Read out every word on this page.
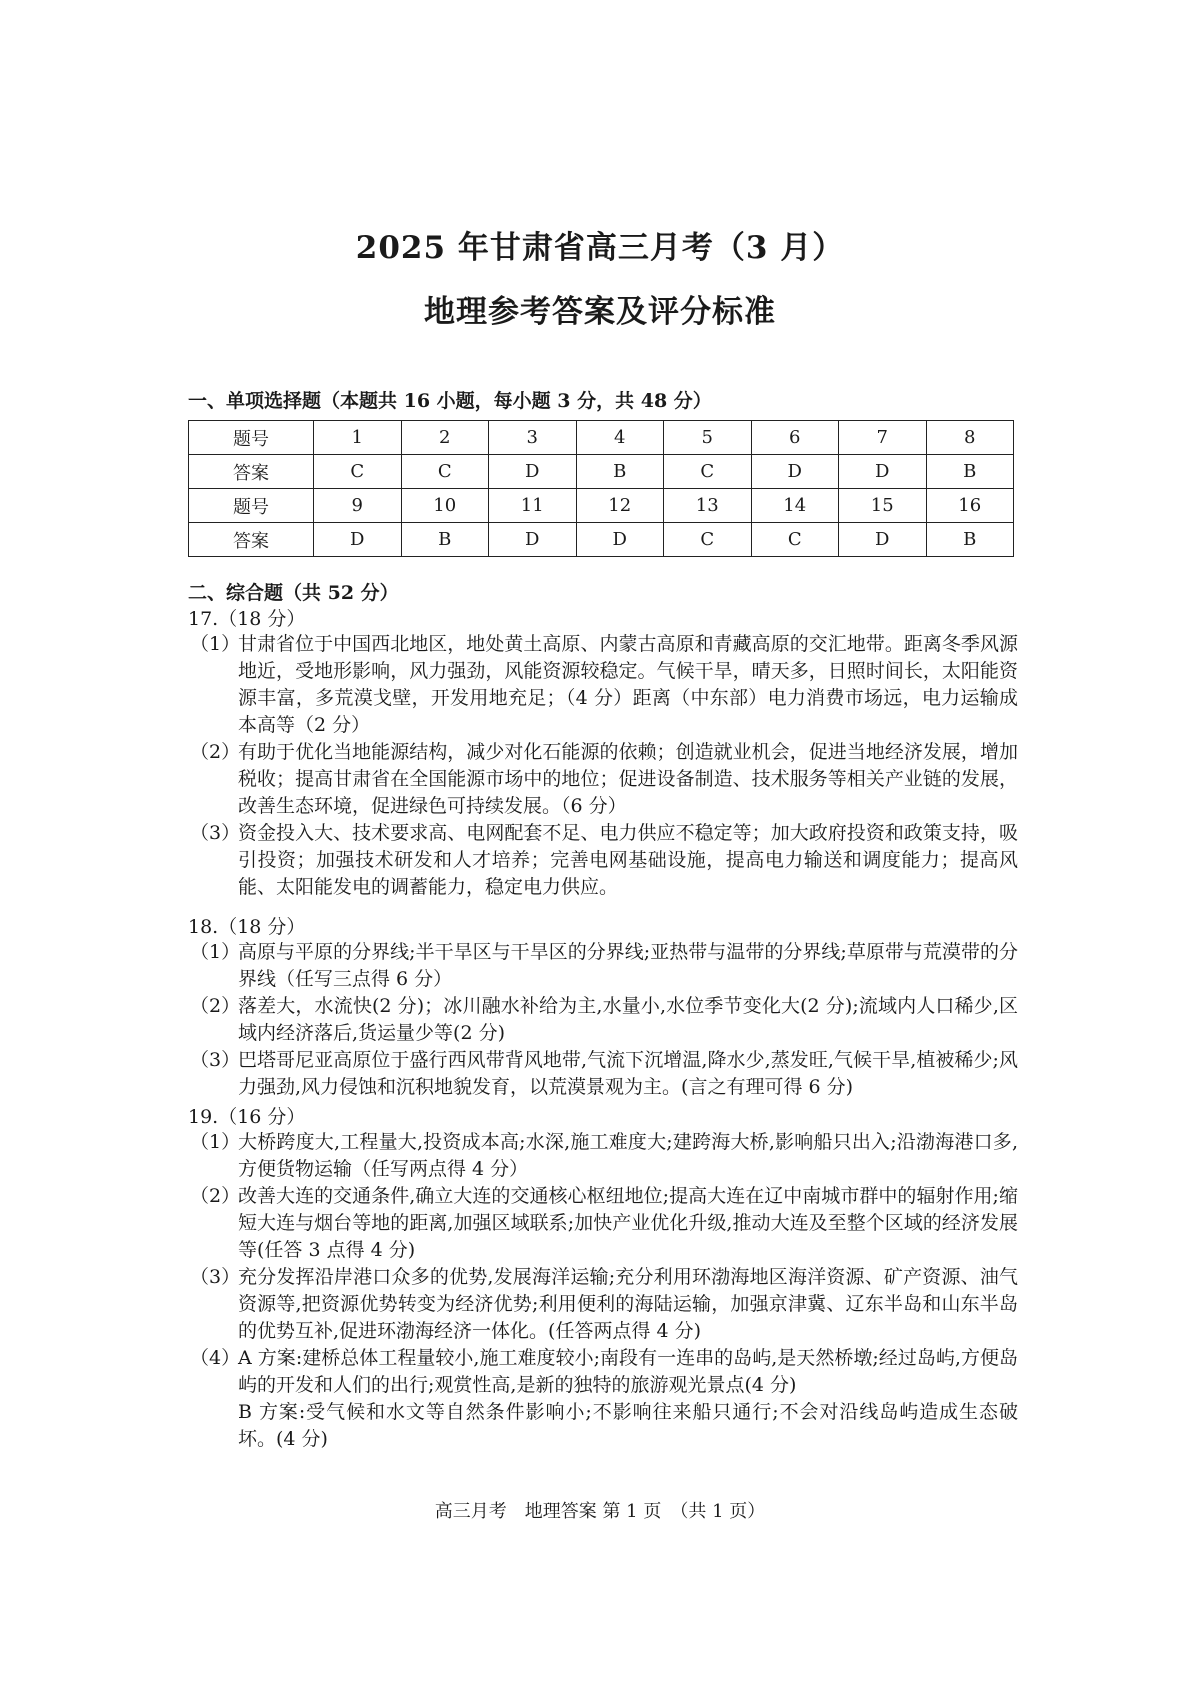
2025 年甘肃省高三月考（3 月）
地理参考答案及评分标准
一、单项选择题（本题共 16 小题，每小题 3 分，共 48 分）
题号	1	2	3	4	5	6	7	8
答案	C	C	D	B	C	D	D	B
题号	9	10	11	12	13	14	15	16
答案	D	B	D	D	C	C	D	B
二、综合题（共 52 分）
17.（18 分）
（1）
甘肃省位于中国西北地区，地处黄土高原、内蒙古高原和青藏高原的交汇地带。距离冬季风源地近，受地形影响，风力强劲，风能资源较稳定。气候干旱，晴天多，日照时间长，太阳能资源丰富，多荒漠戈壁，开发用地充足；（4 分）距离（中东部）电力消费市场远，电力运输成本高等（2 分）
（2）
有助于优化当地能源结构，减少对化石能源的依赖；创造就业机会，促进当地经济发展，增加税收；提高甘肃省在全国能源市场中的地位；促进设备制造、技术服务等相关产业链的发展，改善生态环境，促进绿色可持续发展。（6 分）
（3）
资金投入大、技术要求高、电网配套不足、电力供应不稳定等；加大政府投资和政策支持，吸引投资；加强技术研发和人才培养；完善电网基础设施，提高电力输送和调度能力；提高风能、太阳能发电的调蓄能力，稳定电力供应。
18.（18 分）
（1）
高原与平原的分界线;半干旱区与干旱区的分界线;亚热带与温带的分界线;草原带与荒漠带的分界线（任写三点得 6 分）
（2）
落差大，水流快(2 分)；冰川融水补给为主,水量小,水位季节变化大(2 分);流域内人口稀少,区域内经济落后,货运量少等(2 分)
（3）
巴塔哥尼亚高原位于盛行西风带背风地带,气流下沉增温,降水少,蒸发旺,气候干旱,植被稀少;风力强劲,风力侵蚀和沉积地貌发育，以荒漠景观为主。(言之有理可得 6 分)
19.（16 分）
（1）
大桥跨度大,工程量大,投资成本高;水深,施工难度大;建跨海大桥,影响船只出入;沿渤海港口多,方便货物运输（任写两点得 4 分）
（2）
改善大连的交通条件,确立大连的交通核心枢纽地位;提高大连在辽中南城市群中的辐射作用;缩短大连与烟台等地的距离,加强区域联系;加快产业优化升级,推动大连及至整个区域的经济发展等(任答 3 点得 4 分)
（3）
充分发挥沿岸港口众多的优势,发展海洋运输;充分利用环渤海地区海洋资源、矿产资源、油气资源等,把资源优势转变为经济优势;利用便利的海陆运输，加强京津冀、辽东半岛和山东半岛的优势互补,促进环渤海经济一体化。(任答两点得 4 分)
（4）
A 方案:建桥总体工程量较小,施工难度较小;南段有一连串的岛屿,是天然桥墩;经过岛屿,方便岛屿的开发和人们的出行;观赏性高,是新的独特的旅游观光景点(4 分)
B 方案:受气候和水文等自然条件影响小;不影响往来船只通行;不会对沿线岛屿造成生态破坏。(4 分)
高三月考　地理答案 第 1 页　（共 1 页）
